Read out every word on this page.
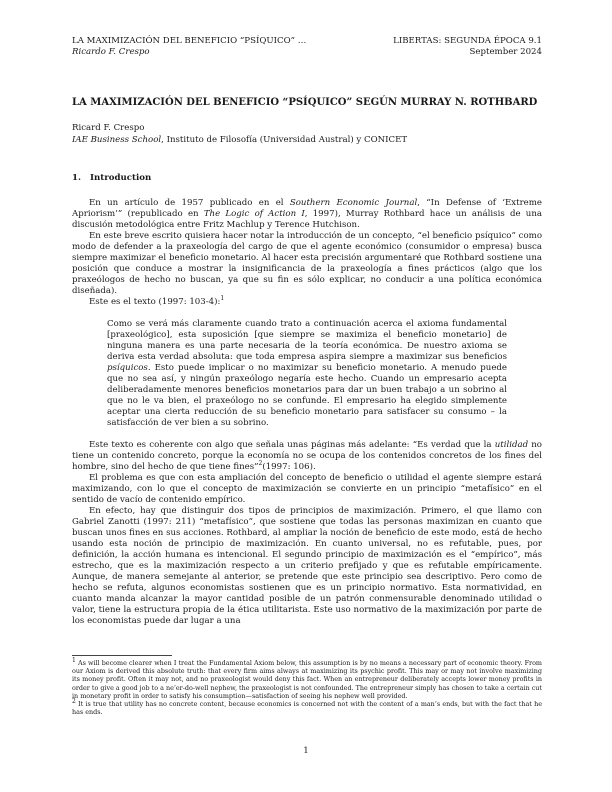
LA MAXIMIZACIÓN DEL BENEFICIO “PSÍQUICO” …
Ricardo F. Crespo
LIBERTAS: SEGUNDA ÉPOCA 9.1
September 2024
LA MAXIMIZACIÓN DEL BENEFICIO “PSÍQUICO” SEGÚN MURRAY N. ROTHBARD
Ricard F. Crespo
IAE Business School, Instituto de Filosofía (Universidad Austral) y CONICET
1. Introduction

En un artículo de 1957 publicado en el Southern Economic Journal, “In Defense of ‘Extreme Apriorism’” (republicado en The Logic of Action I, 1997), Murray Rothbard hace un análisis de una discusión metodológica entre Fritz Machlup y Terence Hutchison.

En este breve escrito quisiera hacer notar la introducción de un concepto, “el beneficio psíquico” como modo de defender a la praxeología del cargo de que el agente económico (consumidor o empresa) busca siempre maximizar el beneficio monetario. Al hacer esta precisión argumentaré que Rothbard sostiene una posición que conduce a mostrar la insignificancia de la praxeología a fines prácticos (algo que los praxeólogos de hecho no buscan, ya que su fin es sólo explicar, no conducir a una política económica diseñada).

Este es el texto (1997: 103-4):$^1$

Como se verá más claramente cuando trato a continuación acerca el axioma fundamental [praxeológico], esta suposición [que siempre se maximiza el beneficio monetario] de ninguna manera es una parte necesaria de la teoría económica. De nuestro axioma se deriva esta verdad absoluta: que toda empresa aspira siempre a maximizar sus beneficios psíquicos. Esto puede implicar o no maximizar su beneficio monetario. A menudo puede que no sea así, y ningún praxeólogo negaría este hecho. Cuando un empresario acepta deliberadamente menores beneficios monetarios para dar un buen trabajo a un sobrino al que no le va bien, el praxeólogo no se confunde. El empresario ha elegido simplemente aceptar una cierta reducción de su beneficio monetario para satisfacer su consumo – la satisfacción de ver bien a su sobrino.

Este texto es coherente con algo que señala unas páginas más adelante: “Es verdad que la utilidad no tiene un contenido concreto, porque la economía no se ocupa de los contenidos concretos de los fines del hombre, sino del hecho de que tiene fines”$^2$(1997: 106).

El problema es que con esta ampliación del concepto de beneficio o utilidad el agente siempre estará maximizando, con lo que el concepto de maximización se convierte en un principio “metafísico” en el sentido de vacío de contenido empírico.

En efecto, hay que distinguir dos tipos de principios de maximización. Primero, el que llamo con Gabriel Zanotti (1997: 211) “metafísico”, que sostiene que todas las personas maximizan en cuanto que buscan unos fines en sus acciones. Rothbard, al ampliar la noción de beneficio de este modo, está de hecho usando esta noción de principio de maximización. En cuanto universal, no es refutable, pues, por definición, la acción humana es intencional. El segundo principio de maximización es el “empírico”, más estrecho, que es la maximización respecto a un criterio prefijado y que es refutable empíricamente. Aunque, de manera semejante al anterior, se pretende que este principio sea descriptivo. Pero como de hecho se refuta, algunos economistas sostienen que es un principio normativo. Esta normatividad, en cuanto manda alcanzar la mayor cantidad posible de un patrón conmensurable denominado utilidad o valor, tiene la estructura propia de la ética utilitarista. Este uso normativo de la maximización por parte de los economistas puede dar lugar a una

$^1$ As will become clearer when I treat the Fundamental Axiom below, this assumption is by no means a necessary part of economic theory. From our Axiom is derived this absolute truth: that every firm aims always at maximizing its psychic profit. This may or may not involve maximizing its money profit. Often it may not, and no praxeologist would deny this fact. When an entrepreneur deliberately accepts lower money profits in order to give a good job to a ne’er-do-well nephew, the praxeologist is not confounded. The entrepreneur simply has chosen to take a certain cut in monetary profit in order to satisfy his consumption—satisfaction of seeing his nephew well provided.

$^2$ It is true that utility has no concrete content, because economics is concerned not with the content of a man’s ends, but with the fact that he has ends.

1
